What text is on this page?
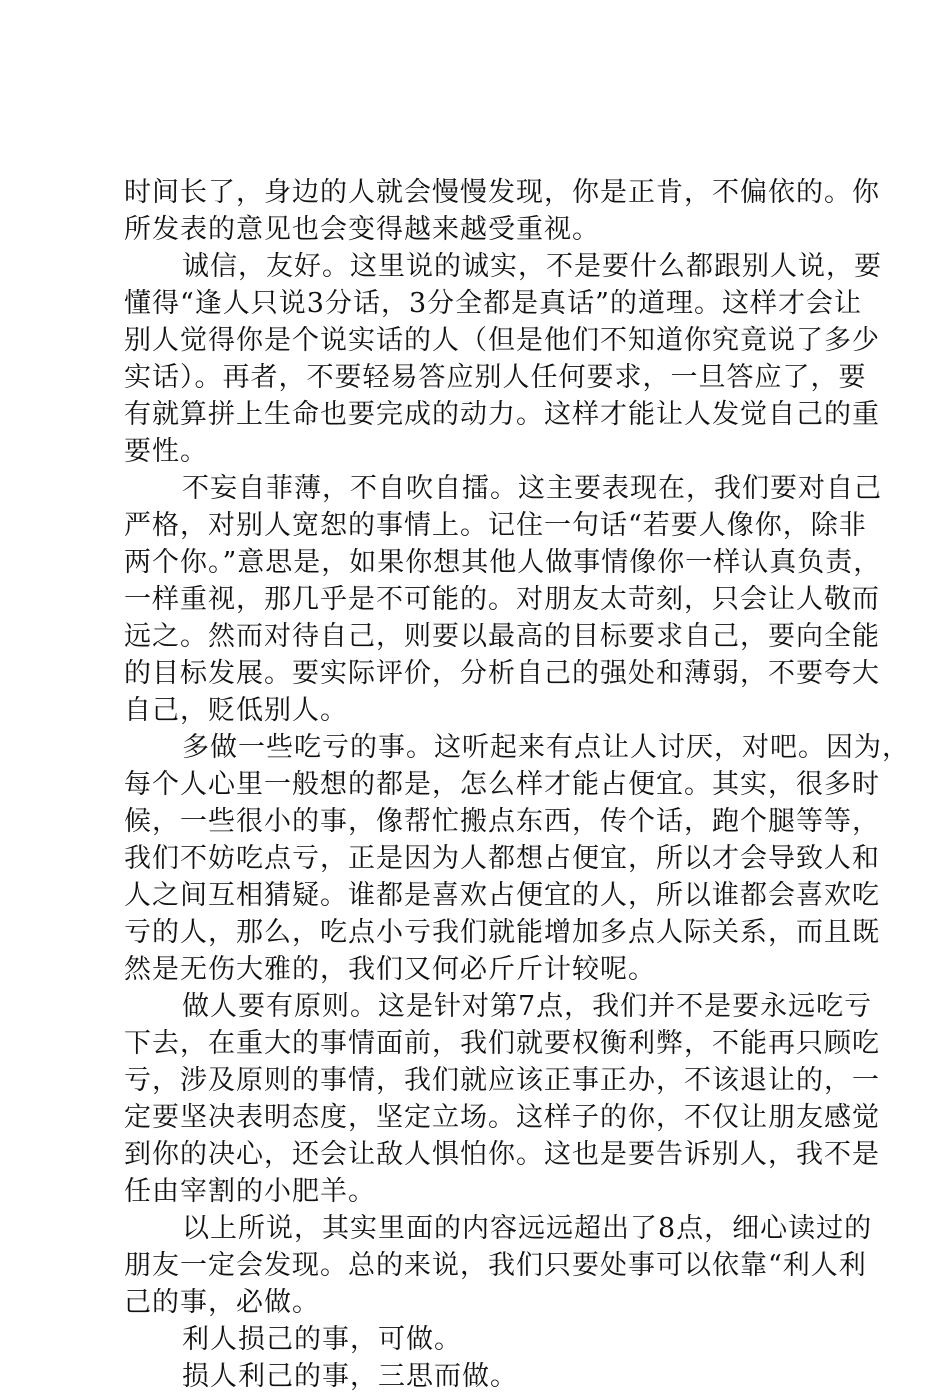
时间长了，身边的人就会慢慢发现，你是正肯，不偏依的。你
所发表的意见也会变得越来越受重视。
诚信，友好。这里说的诚实，不是要什么都跟别人说，要
懂得“逢人只说3分话，3分全都是真话”的道理。这样才会让
别人觉得你是个说实话的人（但是他们不知道你究竟说了多少
实话）。再者，不要轻易答应别人任何要求，一旦答应了，要
有就算拼上生命也要完成的动力。这样才能让人发觉自己的重
要性。
不妄自菲薄，不自吹自擂。这主要表现在，我们要对自己
严格，对别人宽恕的事情上。记住一句话“若要人像你，除非
两个你。”意思是，如果你想其他人做事情像你一样认真负责，
一样重视，那几乎是不可能的。对朋友太苛刻，只会让人敬而
远之。然而对待自己，则要以最高的目标要求自己，要向全能
的目标发展。要实际评价，分析自己的强处和薄弱，不要夸大
自己，贬低别人。
多做一些吃亏的事。这听起来有点让人讨厌，对吧。因为，
每个人心里一般想的都是，怎么样才能占便宜。其实，很多时
候，一些很小的事，像帮忙搬点东西，传个话，跑个腿等等，
我们不妨吃点亏，正是因为人都想占便宜，所以才会导致人和
人之间互相猜疑。谁都是喜欢占便宜的人，所以谁都会喜欢吃
亏的人，那么，吃点小亏我们就能增加多点人际关系，而且既
然是无伤大雅的，我们又何必斤斤计较呢。
做人要有原则。这是针对第7点，我们并不是要永远吃亏
下去，在重大的事情面前，我们就要权衡利弊，不能再只顾吃
亏，涉及原则的事情，我们就应该正事正办，不该退让的，一
定要坚决表明态度，坚定立场。这样子的你，不仅让朋友感觉
到你的决心，还会让敌人惧怕你。这也是要告诉别人，我不是
任由宰割的小肥羊。
以上所说，其实里面的内容远远超出了8点，细心读过的
朋友一定会发现。总的来说，我们只要处事可以依靠“利人利
己的事，必做。
利人损己的事，可做。
损人利己的事，三思而做。
